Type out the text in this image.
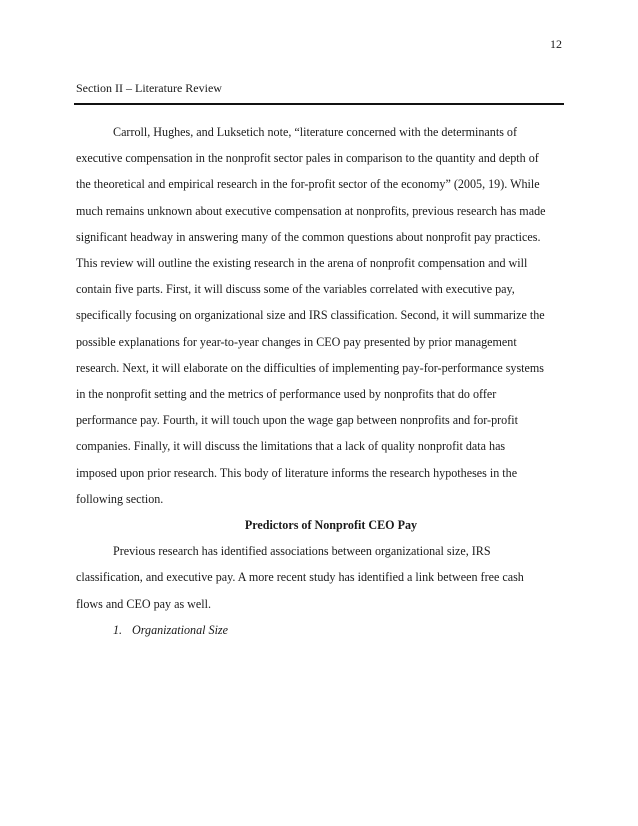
12
Section II – Literature Review

Carroll, Hughes, and Luksetich note, “literature concerned with the determinants of
executive compensation in the nonprofit sector pales in comparison to the quantity and depth of
the theoretical and empirical research in the for-profit sector of the economy” (2005, 19). While
much remains unknown about executive compensation at nonprofits, previous research has made
significant headway in answering many of the common questions about nonprofit pay practices.
This review will outline the existing research in the arena of nonprofit compensation and will
contain five parts. First, it will discuss some of the variables correlated with executive pay,
specifically focusing on organizational size and IRS classification. Second, it will summarize the
possible explanations for year-to-year changes in CEO pay presented by prior management
research. Next, it will elaborate on the difficulties of implementing pay-for-performance systems
in the nonprofit setting and the metrics of performance used by nonprofits that do offer
performance pay. Fourth, it will touch upon the wage gap between nonprofits and for-profit
companies. Finally, it will discuss the limitations that a lack of quality nonprofit data has
imposed upon prior research. This body of literature informs the research hypotheses in the
following section.

Predictors of Nonprofit CEO Pay

Previous research has identified associations between organizational size, IRS
classification, and executive pay. A more recent study has identified a link between free cash
flows and CEO pay as well.

1. Organizational Size
